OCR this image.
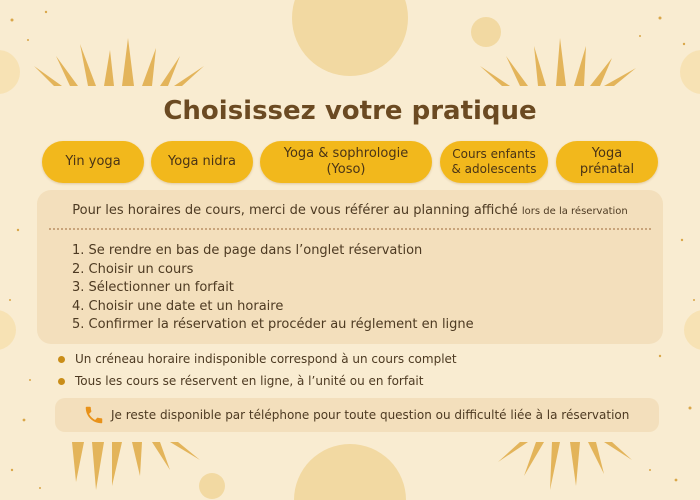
Choisissez votre pratique
Yin yoga	Yoga nidra
Yoga & sophrologie
(Yoso)
Cours enfants
& adolescents
Yoga
prénatal
Pour les horaires de cours, merci de vous référer au planning affiché lors de la réservation
1. Se rendre en bas de page dans l’onglet réservation
2. Choisir un cours
3. Sélectionner un forfait
4. Choisir une date et un horaire
5. Confirmer la réservation et procéder au réglement en ligne
Un créneau horaire indisponible correspond à un cours complet
Tous les cours se réservent en ligne, à l’unité ou en forfait
Je reste disponible par téléphone pour toute question ou difficulté liée à la réservation
